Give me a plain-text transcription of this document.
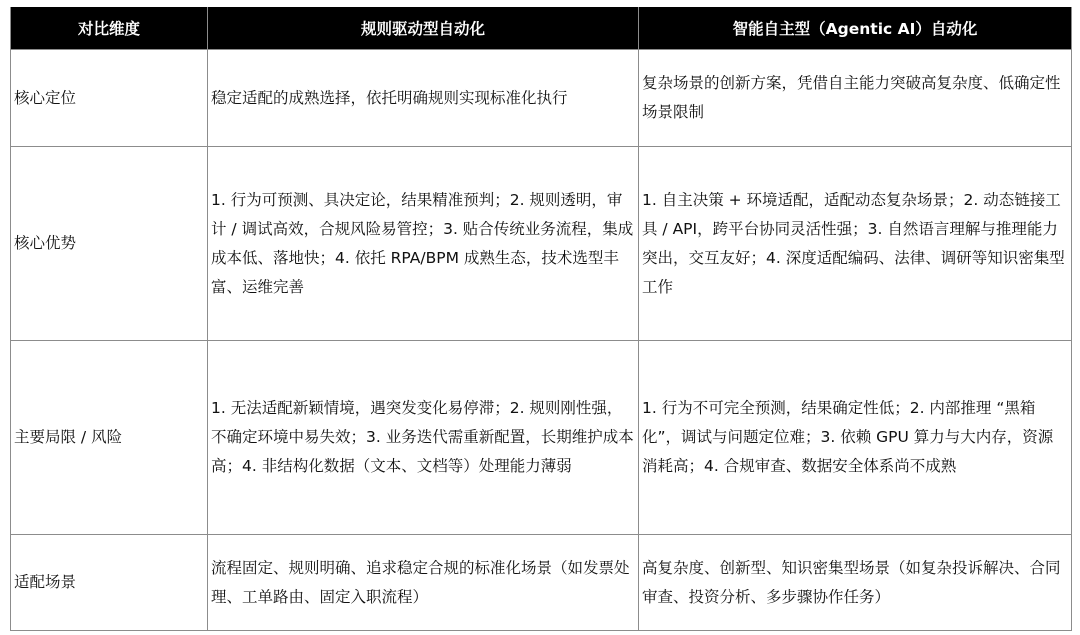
对比维度	规则驱动型自动化	智能自主型（Agentic AI）自动化
核心定位	稳定适配的成熟选择，依托明确规则实现标准化执行	复杂场景的创新方案，凭借自主能力突破高复杂度、低确定性场景限制
核心优势	1. 行为可预测、具决定论，结果精准预判；2. 规则透明，审计 / 调试高效，合规风险易管控；3. 贴合传统业务流程，集成成本低、落地快；4. 依托 RPA/BPM 成熟生态，技术选型丰富、运维完善	1. 自主决策 + 环境适配，适配动态复杂场景；2. 动态链接工具 / API，跨平台协同灵活性强；3. 自然语言理解与推理能力突出，交互友好；4. 深度适配编码、法律、调研等知识密集型工作
主要局限 / 风险	1. 无法适配新颖情境，遇突发变化易停滞；2. 规则刚性强，不确定环境中易失效；3. 业务迭代需重新配置，长期维护成本高；4. 非结构化数据（文本、文档等）处理能力薄弱	1. 行为不可完全预测，结果确定性低；2. 内部推理 “黑箱化”，调试与问题定位难；3. 依赖 GPU 算力与大内存，资源消耗高；4. 合规审查、数据安全体系尚不成熟
适配场景	流程固定、规则明确、追求稳定合规的标准化场景（如发票处理、工单路由、固定入职流程）	高复杂度、创新型、知识密集型场景（如复杂投诉解决、合同审查、投资分析、多步骤协作任务）
